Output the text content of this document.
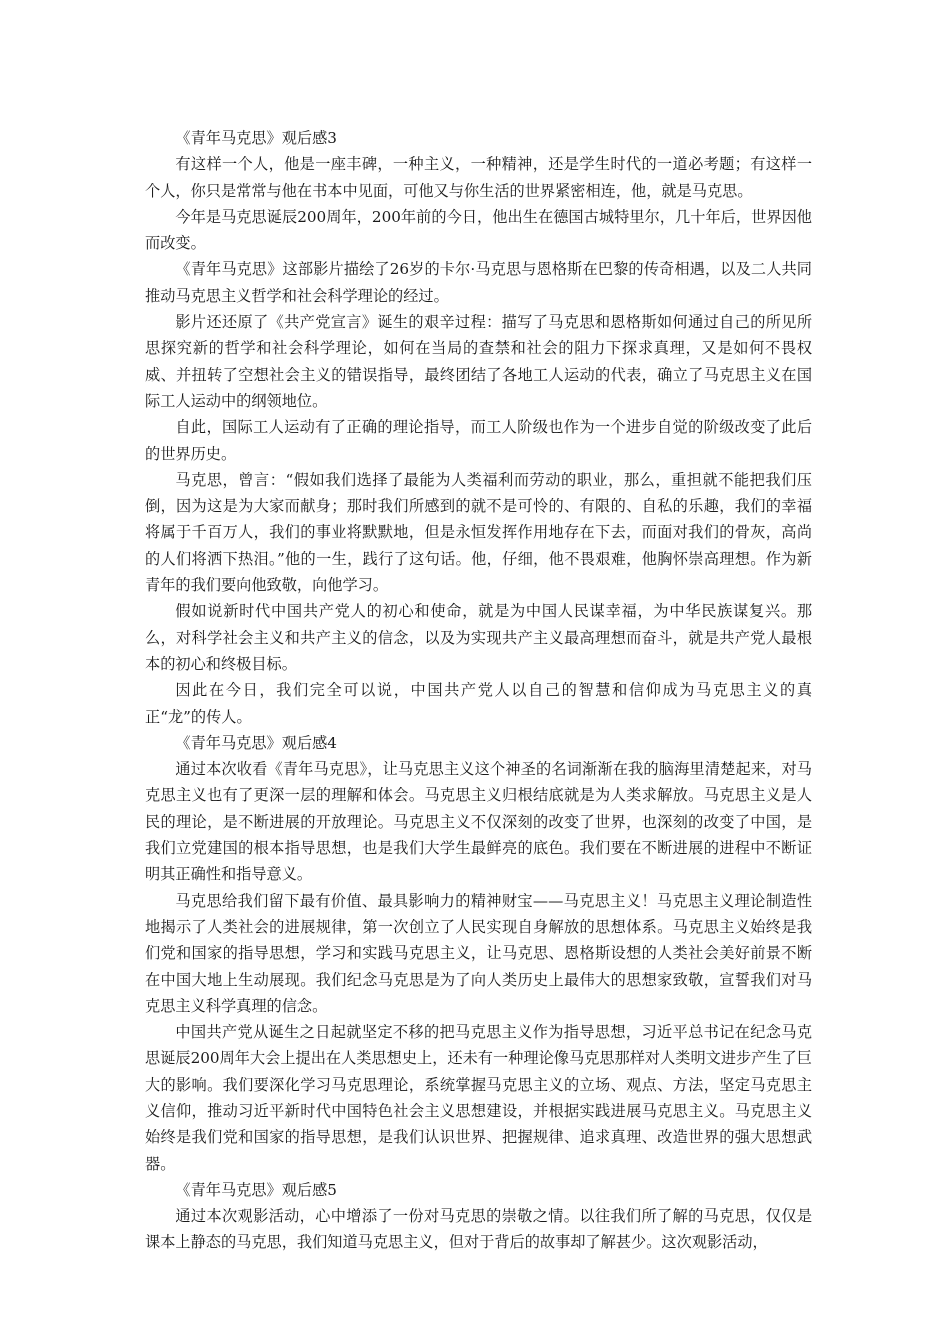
《青年马克思》观后感3

有这样一个人，他是一座丰碑，一种主义，一种精神，还是学生时代的一道必考题；有这样一个人，你只是常常与他在书本中见面，可他又与你生活的世界紧密相连，他，就是马克思。

今年是马克思诞辰200周年，200年前的今日，他出生在德国古城特里尔，几十年后，世界因他而改变。

《青年马克思》这部影片描绘了26岁的卡尔·马克思与恩格斯在巴黎的传奇相遇，以及二人共同推动马克思主义哲学和社会科学理论的经过。

影片还还原了《共产党宣言》诞生的艰辛过程：描写了马克思和恩格斯如何通过自己的所见所思探究新的哲学和社会科学理论，如何在当局的查禁和社会的阻力下探求真理，又是如何不畏权威、并扭转了空想社会主义的错误指导，最终团结了各地工人运动的代表，确立了马克思主义在国际工人运动中的纲领地位。

自此，国际工人运动有了正确的理论指导，而工人阶级也作为一个进步自觉的阶级改变了此后的世界历史。

马克思，曾言：“假如我们选择了最能为人类福利而劳动的职业，那么，重担就不能把我们压倒，因为这是为大家而献身；那时我们所感到的就不是可怜的、有限的、自私的乐趣，我们的幸福将属于千百万人，我们的事业将默默地，但是永恒发挥作用地存在下去，而面对我们的骨灰，高尚的人们将洒下热泪。”他的一生，践行了这句话。他，仔细，他不畏艰难，他胸怀崇高理想。作为新青年的我们要向他致敬，向他学习。

假如说新时代中国共产党人的初心和使命，就是为中国人民谋幸福，为中华民族谋复兴。那么，对科学社会主义和共产主义的信念，以及为实现共产主义最高理想而奋斗，就是共产党人最根本的初心和终极目标。

因此在今日，我们完全可以说，中国共产党人以自己的智慧和信仰成为马克思主义的真正“龙”的传人。

《青年马克思》观后感4

通过本次收看《青年马克思》，让马克思主义这个神圣的名词渐渐在我的脑海里清楚起来，对马克思主义也有了更深一层的理解和体会。马克思主义归根结底就是为人类求解放。马克思主义是人民的理论，是不断进展的开放理论。马克思主义不仅深刻的改变了世界，也深刻的改变了中国，是我们立党建国的根本指导思想，也是我们大学生最鲜亮的底色。我们要在不断进展的进程中不断证明其正确性和指导意义。

马克思给我们留下最有价值、最具影响力的精神财宝——马克思主义！马克思主义理论制造性地揭示了人类社会的进展规律，第一次创立了人民实现自身解放的思想体系。马克思主义始终是我们党和国家的指导思想，学习和实践马克思主义，让马克思、恩格斯设想的人类社会美好前景不断在中国大地上生动展现。我们纪念马克思是为了向人类历史上最伟大的思想家致敬，宣誓我们对马克思主义科学真理的信念。

中国共产党从诞生之日起就坚定不移的把马克思主义作为指导思想，习近平总书记在纪念马克思诞辰200周年大会上提出在人类思想史上，还未有一种理论像马克思那样对人类明文进步产生了巨大的影响。我们要深化学习马克思理论，系统掌握马克思主义的立场、观点、方法，坚定马克思主义信仰，推动习近平新时代中国特色社会主义思想建设，并根据实践进展马克思主义。马克思主义始终是我们党和国家的指导思想，是我们认识世界、把握规律、追求真理、改造世界的强大思想武器。

《青年马克思》观后感5

通过本次观影活动，心中增添了一份对马克思的崇敬之情。以往我们所了解的马克思，仅仅是课本上静态的马克思，我们知道马克思主义，但对于背后的故事却了解甚少。这次观影活动，
